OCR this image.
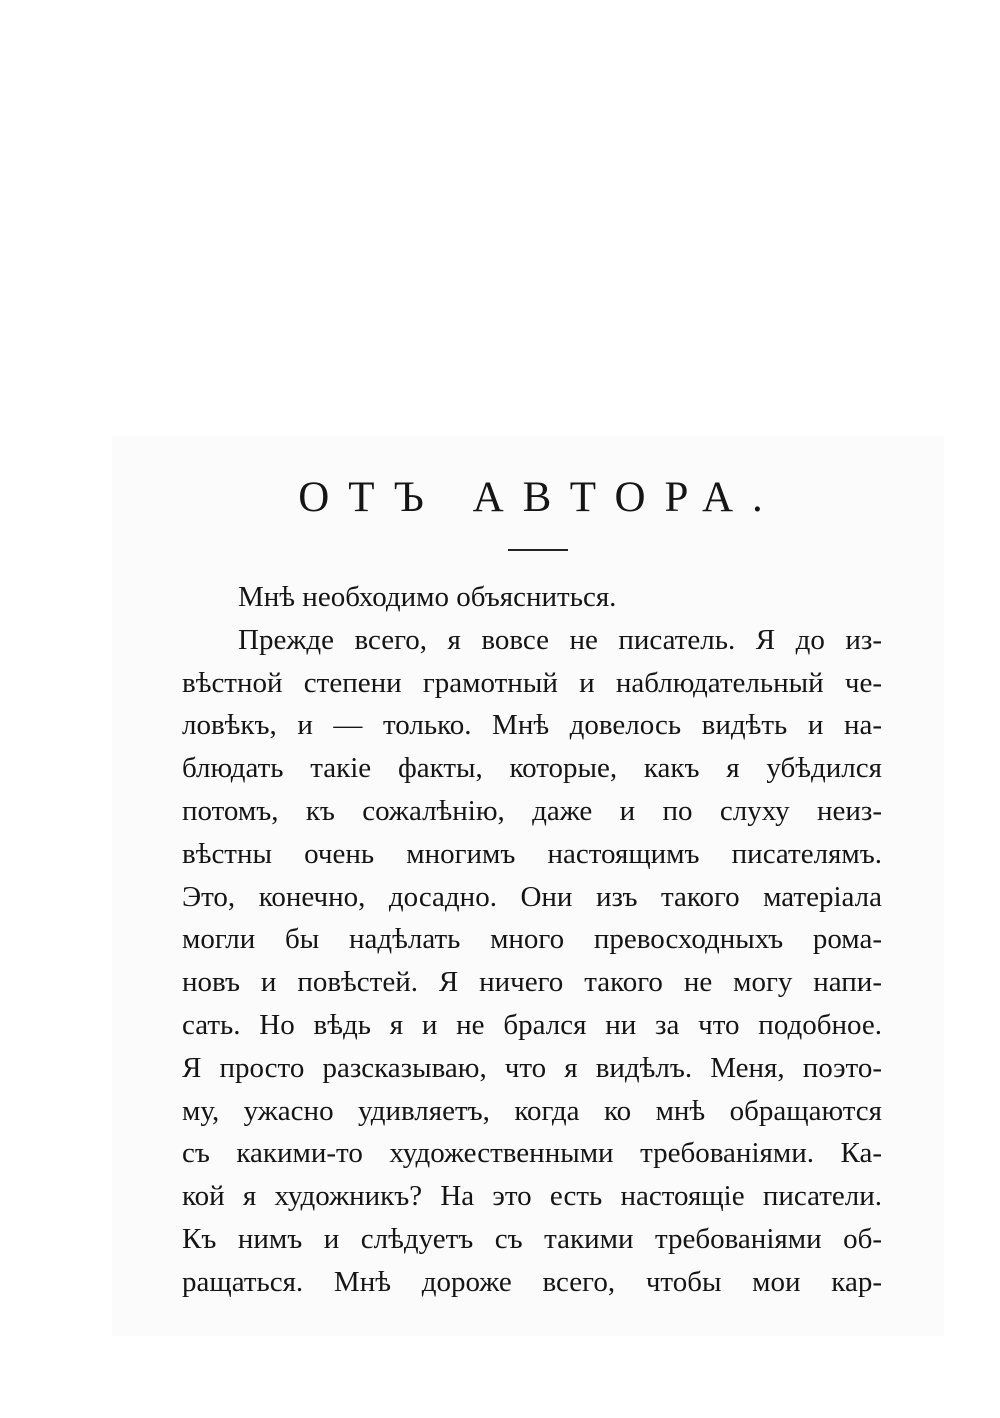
ОТЪ АВТОРА.
Мнѣ необходимо объясниться.
Прежде всего, я вовсе не писатель. Я до из-
вѣстной степени грамотный и наблюдательный че-
ловѣкъ, и — только. Мнѣ довелось видѣть и на-
блюдать такіе факты, которые, какъ я убѣдился
потомъ, къ сожалѣнію, даже и по слуху неиз-
вѣстны очень многимъ настоящимъ писателямъ.
Это, конечно, досадно. Они изъ такого матеріала
могли бы надѣлать много превосходныхъ рома-
новъ и повѣстей. Я ничего такого не могу напи-
сать. Но вѣдь я и не брался ни за что подобное.
Я просто разсказываю, что я видѣлъ. Меня, поэто-
му, ужасно удивляетъ, когда ко мнѣ обращаются
съ какими-то художественными требованіями. Ка-
кой я художникъ? На это есть настоящіе писатели.
Къ нимъ и слѣдуетъ съ такими требованіями об-
ращаться. Мнѣ дороже всего, чтобы мои кар-
